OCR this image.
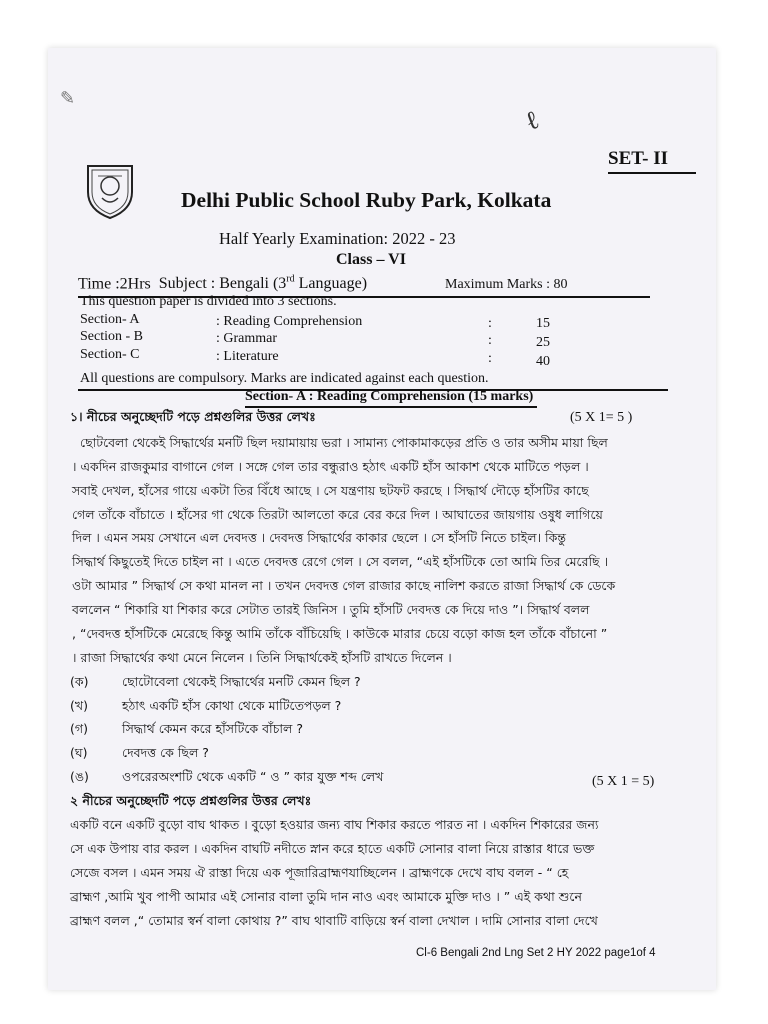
✎
ℓ
SET- II
Delhi Public School Ruby Park, Kolkata
Half Yearly Examination: 2022 - 23
Class – VI
Time :2Hrs Subject : Bengali (3rd Language)	Maximum Marks : 80
This question paper is divided into 3 sections.
Section- A	: Reading Comprehension	:	15
Section - B	: Grammar	:	25
Section- C	: Literature	:	40
All questions are compulsory. Marks are indicated against each question.
Section- A : Reading Comprehension (15 marks)
১। নীচের অনুচ্ছেদটি পড়ে প্রশ্নগুলির উত্তর লেখঃ	(5 X 1= 5 )
ছোটবেলা থেকেই সিদ্ধার্থের মনটি ছিল দয়ামায়ায় ভরা । সামান্য পোকামাকড়ের প্রতি ও তার অসীম মায়া ছিল
। একদিন রাজকুমার বাগানে গেল । সঙ্গে গেল তার বন্ধুরাও হঠাৎ একটি হাঁস আকাশ থেকে মাটিতে পড়ল ।
সবাই দেখল, হাঁসের গায়ে একটা তির বিঁধে আছে । সে যন্ত্রণায় ছটফট করছে । সিদ্ধার্থ দৌড়ে হাঁসটির কাছে
গেল তাঁকে বাঁচাতে । হাঁসের গা থেকে তিরটা আলতো করে বের করে দিল । আঘাতের জায়গায় ওষুধ লাগিয়ে
দিল । এমন সময় সেখানে এল দেবদত্ত । দেবদত্ত সিদ্ধার্থের কাকার ছেলে । সে হাঁসটি নিতে চাইল। কিন্তু
সিদ্ধার্থ কিছুতেই দিতে চাইল না । এতে দেবদত্ত রেগে গেল । সে বলল, “এই হাঁসটিকে তো আমি তির মেরেছি ।
ওটা আমার ” সিদ্ধার্থ সে কথা মানল না । তখন দেবদত্ত গেল রাজার কাছে নালিশ করতে রাজা সিদ্ধার্থ কে ডেকে
বললেন “ শিকারি যা শিকার করে সেটাত তারই জিনিস । তুমি হাঁসটি দেবদত্ত কে দিয়ে দাও ”। সিদ্ধার্থ বলল
, “দেবদত্ত হাঁসটিকে মেরেছে কিন্তু আমি তাঁকে বাঁচিয়েছি । কাউকে মারার চেয়ে বড়ো কাজ হল তাঁকে বাঁচানো ”
। রাজা সিদ্ধার্থের কথা মেনে নিলেন । তিনি সিদ্ধার্থকেই হাঁসটি রাখতে দিলেন ।
(ক)	ছোটোবেলা থেকেই সিদ্ধার্থের মনটি কেমন ছিল ?
(খ)	হঠাৎ একটি হাঁস কোথা থেকে মাটিতেপড়ল ?
(গ)	সিদ্ধার্থ কেমন করে হাঁসটিকে বাঁচাল ?
(ঘ)	দেবদত্ত কে ছিল ?
(ঙ)	ওপরেরঅংশটি থেকে একটি “ ও ” কার যুক্ত শব্দ লেখ
২ নীচের অনুচ্ছেদটি পড়ে প্রশ্নগুলির উত্তর লেখঃ
(5 X 1 = 5)
একটি বনে একটি বুড়ো বাঘ থাকত । বুড়ো হওয়ার জন্য বাঘ শিকার করতে পারত না । একদিন শিকারের জন্য
সে এক উপায় বার করল । একদিন বাঘটি নদীতে স্নান করে হাতে একটি সোনার বালা নিয়ে রাস্তার ধারে ভক্ত
সেজে বসল । এমন সময় ঐ রাস্তা দিয়ে এক পূজারিব্রাহ্মণযাচ্ছিলেন । ব্রাহ্মণকে দেখে বাঘ বলল - “ হে
ব্রাহ্মণ ,আমি খুব পাপী আমার এই সোনার বালা তুমি দান নাও এবং আমাকে মুক্তি দাও । ” এই কথা শুনে
ব্রাহ্মণ বলল ,“ তোমার স্বর্ন বালা কোথায় ?” বাঘ থাবাটি বাড়িয়ে স্বর্ন বালা দেখাল । দামি সোনার বালা দেখে
Cl-6 Bengali 2nd Lng Set 2 HY 2022 page1of 4
